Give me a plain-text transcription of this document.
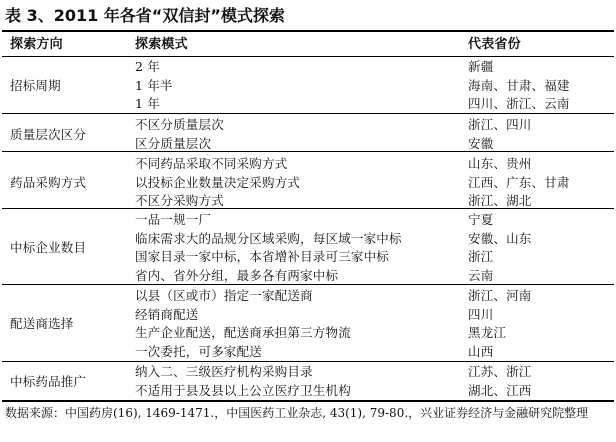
表 3、2011 年各省“双信封”模式探索
探索方向	探索模式	代表省份
招标周期
2 年	新疆
1 年半	海南、甘肃、福建
1 年	四川、浙江、云南
质量层次区分
不区分质量层次	浙江、四川
区分质量层次	安徽
药品采购方式
不同药品采取不同采购方式	山东、贵州
以投标企业数量决定采购方式	江西、广东、甘肃
不区分采购方式	浙江、湖北
中标企业数目
一品一规一厂	宁夏
临床需求大的品规分区域采购，每区域一家中标	安徽、山东
国家目录一家中标，本省增补目录可三家中标	浙江
省内、省外分组，最多各有两家中标	云南
配送商选择
以县（区或市）指定一家配送商	浙江、河南
经销商配送	四川
生产企业配送，配送商承担第三方物流	黑龙江
一次委托，可多家配送	山西
中标药品推广
纳入二、三级医疗机构采购目录	江苏、浙江
不适用于县及县以上公立医疗卫生机构	湖北、江西
数据来源：中国药房(16), 1469-1471.，中国医药工业杂志, 43(1), 79-80.，兴业证券经济与金融研究院整理
